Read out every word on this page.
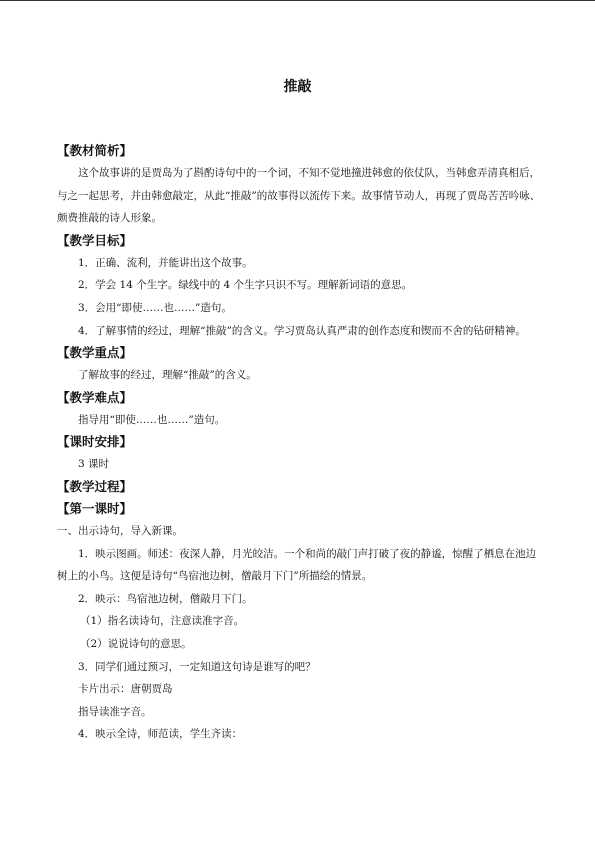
推敲
【教材简析】

这个故事讲的是贾岛为了斟酌诗句中的一个词，不知不觉地撞进韩愈的依仗队，当韩愈弄清真相后，与之一起思考，并由韩愈敲定，从此“推敲”的故事得以流传下来。故事情节动人，再现了贾岛苦苦吟咏、颇费推敲的诗人形象。

【教学目标】

1．正确、流利，并能讲出这个故事。

2．学会 14 个生字。绿线中的 4 个生字只识不写。理解新词语的意思。

3．会用“即使……也……”造句。

4．了解事情的经过，理解“推敲”的含义。学习贾岛认真严肃的创作态度和锲而不舍的钻研精神。

【教学重点】

了解故事的经过，理解“推敲”的含义。

【教学难点】

指导用“即使……也……”造句。

【课时安排】

3 课时

【教学过程】
【第一课时】

一、出示诗句，导入新课。

1．映示图画。师述：夜深人静，月光皎洁。一个和尚的敲门声打破了夜的静谧，惊醒了栖息在池边树上的小鸟。这便是诗句“鸟宿池边树，僧敲月下门”所描绘的情景。

2．映示：鸟宿池边树，僧敲月下门。

（1）指名读诗句，注意读准字音。

（2）说说诗句的意思。

3．同学们通过预习，一定知道这句诗是谁写的吧？

卡片出示：唐朝贾岛

指导读准字音。

4．映示全诗，师范读，学生齐读：
